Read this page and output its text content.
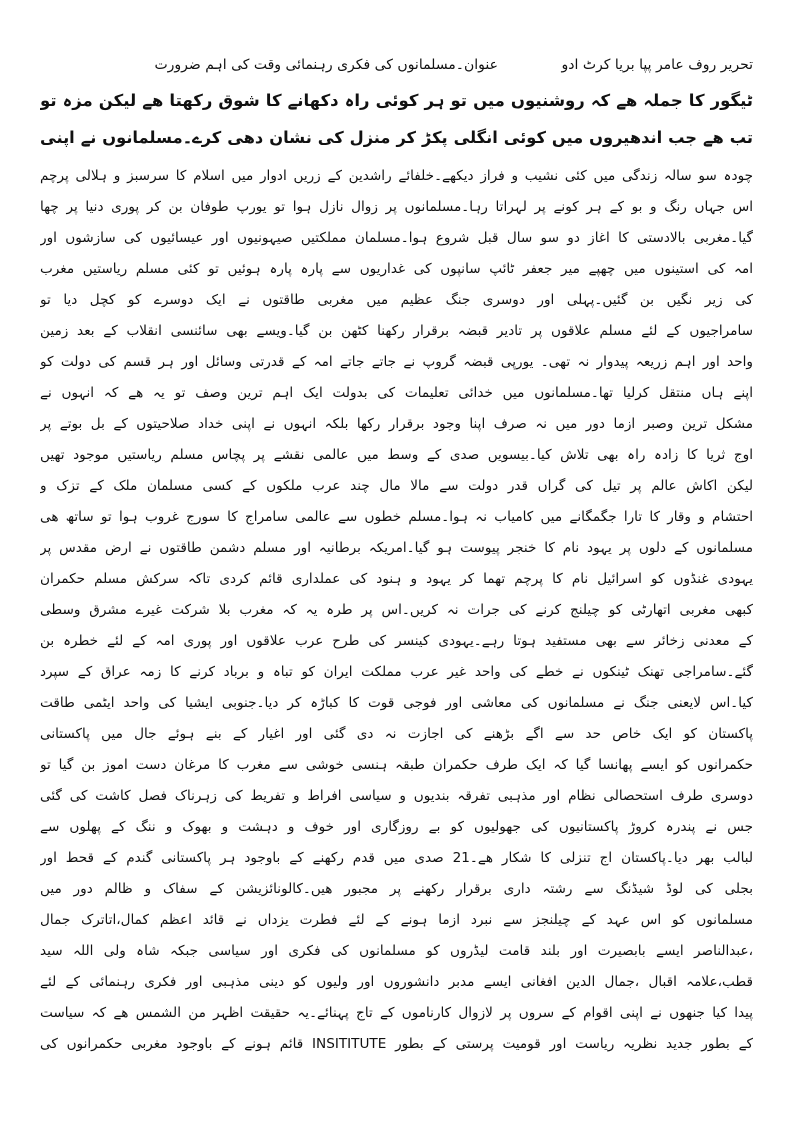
تحریر روف عامر پپا بریا کرٹ ادو
عنوان۔مسلمانوں کی فکری رہنمائی وقت کی اہم ضرورت
ٹیگور کا جملہ ھے کہ روشنیوں میں تو ہر کوئی راہ دکھانے کا شوق رکھتا ھے لیکن مزہ تو
تب ھے جب اندھیروں میں کوئی انگلی پکڑ کر منزل کی نشان دھی کرے۔مسلمانوں نے اپنی
چودہ سو سالہ زندگی میں کئی نشیب و فراز دیکھے۔خلفائے راشدین کے زریں ادوار میں اسلام کا سرسبز و ہلالی پرچم
اس جہاں رنگ و بو کے ہر کونے پر لہراتا رہا۔مسلمانوں پر زوال نازل ہوا تو یورپ طوفان بن کر پوری دنیا پر چھا
گیا۔مغربی بالادستی کا اغاز دو سو سال قبل شروع ہوا۔مسلمان مملکتیں صیہونیوں اور عیسائیوں کی سازشوں اور
امہ کی استینوں میں چھپے میر جعفر ٹائپ سانپوں کی غداریوں سے پارہ پارہ ہوئیں تو کئی مسلم ریاستیں مغرب
کی زیر نگیں بن گئیں۔پہلی اور دوسری جنگ عظیم میں مغربی طاقتوں نے ایک دوسرے کو کچل دیا تو
سامراجیوں کے لئے مسلم علاقوں پر تادیر قبضہ برقرار رکھنا کٹھن بن گیا۔ویسے بھی سائنسی انقلاب کے بعد زمین
واحد اور اہم زریعہ پیدوار نہ تھی۔ یورپی قبضہ گروپ نے جاتے جاتے امہ کے قدرتی وسائل اور ہر قسم کی دولت کو
اپنے ہاں منتقل کرلیا تھا۔مسلمانوں میں خدائی تعلیمات کی بدولت ایک اہم ترین وصف تو یہ ھے کہ انہوں نے
مشکل ترین وصبر ازما دور میں نہ صرف اپنا وجود برقرار رکھا بلکہ انہوں نے اپنی خداد صلاحیتوں کے بل بوتے پر
اوج ثریا کا زادہ راہ بھی تلاش کیا۔بیسویں صدی کے وسط میں عالمی نقشے پر پچاس مسلم ریاستیں موجود تھیں
لیکن اکاش عالم پر تیل کی گراں قدر دولت سے مالا مال چند عرب ملکوں کے کسی مسلمان ملک کے تزک و
احتشام و وقار کا تارا جگمگانے میں کامیاب نہ ہوا۔مسلم خطوں سے عالمی سامراج کا سورج غروب ہوا تو ساتھ ھی
مسلمانوں کے دلوں پر یہود نام کا خنجر پیوست ہو گیا۔امریکہ برطانیہ اور مسلم دشمن طاقتوں نے ارض مقدس پر
یہودی غنڈوں کو اسرائیل نام کا پرچم تھما کر یہود و ہنود کی عملداری قائم کردی تاکہ سرکش مسلم حکمران
کبھی مغربی اتھارٹی کو چیلنج کرنے کی جرات نہ کریں۔اس پر طرہ یہ کہ مغرب بلا شرکت غیرے مشرق وسطی
کے معدنی زخائر سے بھی مستفید ہوتا رہے۔یہودی کینسر کی طرح عرب علاقوں اور پوری امہ کے لئے خطرہ بن
گئے۔سامراجی تھنک ٹینکوں نے خطے کی واحد غیر عرب مملکت ایران کو تباہ و برباد کرنے کا زمہ عراق کے سپرد
کیا۔اس لایعنی جنگ نے مسلمانوں کی معاشی اور فوجی قوت کا کباڑہ کر دیا۔جنوبی ایشیا کی واحد ایٹمی طاقت
پاکستان کو ایک خاص حد سے اگے بڑھنے کی اجازت نہ دی گئی اور اغیار کے بنے ہوئے جال میں پاکستانی
حکمرانوں کو ایسے پھانسا گیا کہ ایک طرف حکمران طبقہ ہنسی خوشی سے مغرب کا مرغان دست اموز بن گیا تو
دوسری طرف استحصالی نظام اور مذہبی تفرقہ بندیوں و سیاسی افراط و تفریط کی زہرناک فصل کاشت کی گئی
جس نے پندرہ کروڑ پاکستانیوں کی جھولیوں کو بے روزگاری اور خوف و دہشت و بھوک و ننگ کے پھلوں سے
لبالب بھر دیا۔پاکستان اج تنزلی کا شکار ھے۔21 صدی میں قدم رکھنے کے باوجود ہر پاکستانی گندم کے قحط اور
بجلی کی لوڈ شیڈنگ سے رشتہ داری برقرار رکھنے پر مجبور ھیں۔کالونائزیشن کے سفاک و ظالم دور میں
مسلمانوں کو اس عہد کے چیلنجز سے نبرد ازما ہونے کے لئے فطرت یزداں نے قائد اعظم کمال،اتاترک جمال
،عبدالناصر ایسے بابصیرت اور بلند قامت لیڈروں کو مسلمانوں کی فکری اور سیاسی جبکہ شاہ ولی اللہ سید
قطب،علامہ اقبال ،جمال الدین افغانی ایسے مدبر دانشوروں اور ولیوں کو دینی مذہبی اور فکری رہنمائی کے لئے
پیدا کیا جنھوں نے اپنی اقوام کے سروں پر لازوال کارناموں کے تاج پہنائے۔یہ حقیقت اظہر من الشمس ھے کہ سیاست
کے بطور جدید نظریہ ریاست اور قومیت پرستی کے بطور INSITITUTE قائم ہونے کے باوجود مغربی حکمرانوں کی
